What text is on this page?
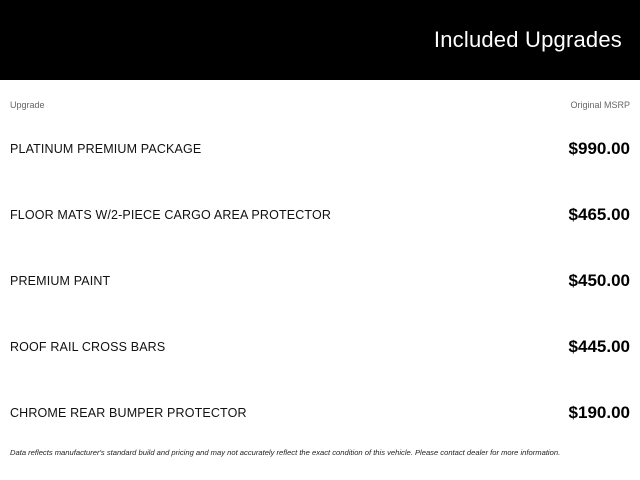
Included Upgrades
Upgrade	Original MSRP
PLATINUM PREMIUM PACKAGE	$990.00
FLOOR MATS W/2-PIECE CARGO AREA PROTECTOR	$465.00
PREMIUM PAINT	$450.00
ROOF RAIL CROSS BARS	$445.00
CHROME REAR BUMPER PROTECTOR	$190.00
Data reflects manufacturer's standard build and pricing and may not accurately reflect the exact condition of this vehicle. Please contact dealer for more information.
